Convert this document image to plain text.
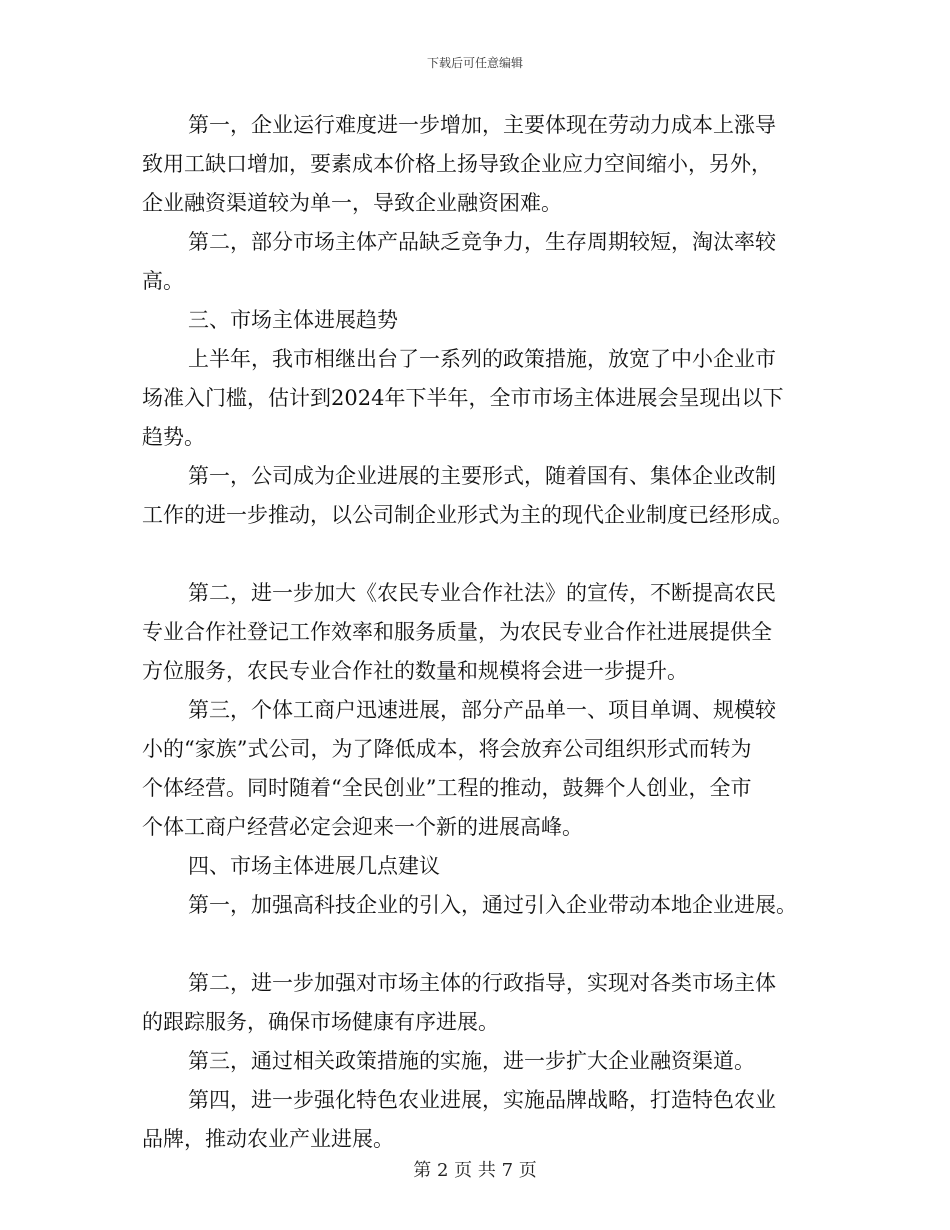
下载后可任意编辑
第一，企业运行难度进一步增加，主要体现在劳动力成本上涨导
致用工缺口增加，要素成本价格上扬导致企业应力空间缩小，另外，
企业融资渠道较为单一，导致企业融资困难。
第二，部分市场主体产品缺乏竞争力，生存周期较短，淘汰率较
高。
三、市场主体进展趋势
上半年，我市相继出台了一系列的政策措施，放宽了中小企业市
场准入门槛，估计到2024年下半年，全市市场主体进展会呈现出以下
趋势。
第一，公司成为企业进展的主要形式，随着国有、集体企业改制
工作的进一步推动，以公司制企业形式为主的现代企业制度已经形成。
第二，进一步加大《农民专业合作社法》的宣传，不断提高农民
专业合作社登记工作效率和服务质量，为农民专业合作社进展提供全
方位服务，农民专业合作社的数量和规模将会进一步提升。
第三，个体工商户迅速进展，部分产品单一、项目单调、规模较
小的“家族”式公司，为了降低成本，将会放弃公司组织形式而转为
个体经营。同时随着“全民创业”工程的推动，鼓舞个人创业，全市
个体工商户经营必定会迎来一个新的进展高峰。
四、市场主体进展几点建议
第一，加强高科技企业的引入，通过引入企业带动本地企业进展。
第二，进一步加强对市场主体的行政指导，实现对各类市场主体
的跟踪服务，确保市场健康有序进展。
第三，通过相关政策措施的实施，进一步扩大企业融资渠道。
第四，进一步强化特色农业进展，实施品牌战略，打造特色农业
品牌，推动农业产业进展。
第 2 页 共 7 页
